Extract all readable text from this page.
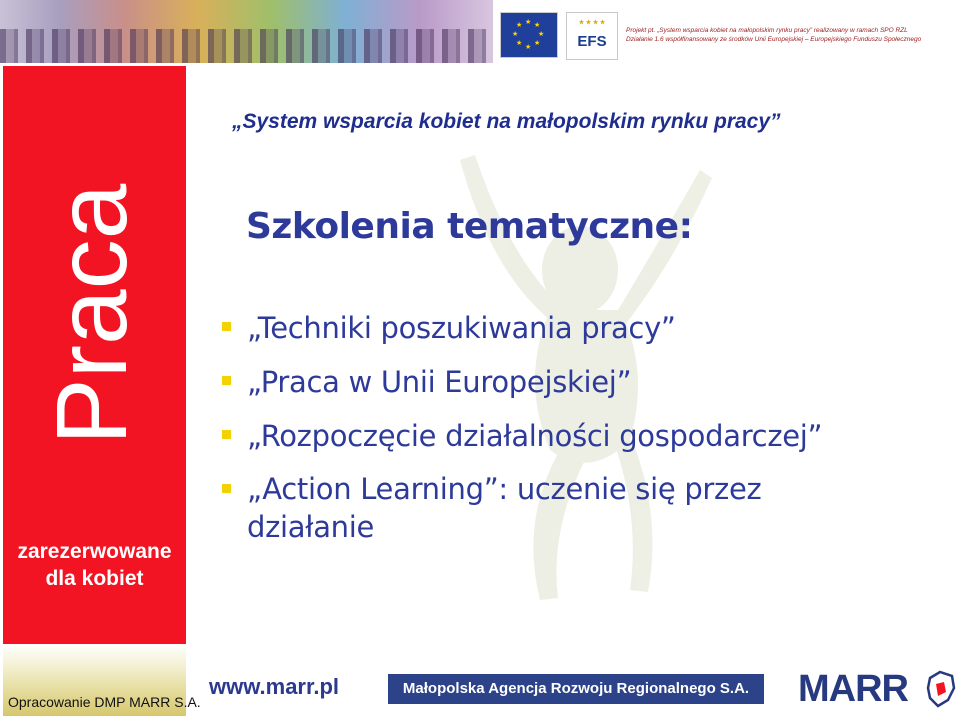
★ ★
★
★
★
★
★
★	★ ★ ★ ★
EFS
Projekt pt. „System wsparcia kobiet na małopolskim rynku pracy” realizowany w ramach SPO RZL
Działanie 1.6 współfinansowany ze środków Unii Europejskiej – Europejskiego Funduszu Społecznego
Praca
zarezerwowane
dla kobiet
„System wsparcia kobiet na małopolskim rynku pracy”
Szkolenia tematyczne:
„Techniki poszukiwania pracy”
„Praca w Unii Europejskiej”
„Rozpoczęcie działalności gospodarczej”
„Action Learning”: uczenie się przez działanie
Opracowanie DMP MARR S.A.
www.marr.pl	Małopolska Agencja Rozwoju Regionalnego S.A.	MARR
